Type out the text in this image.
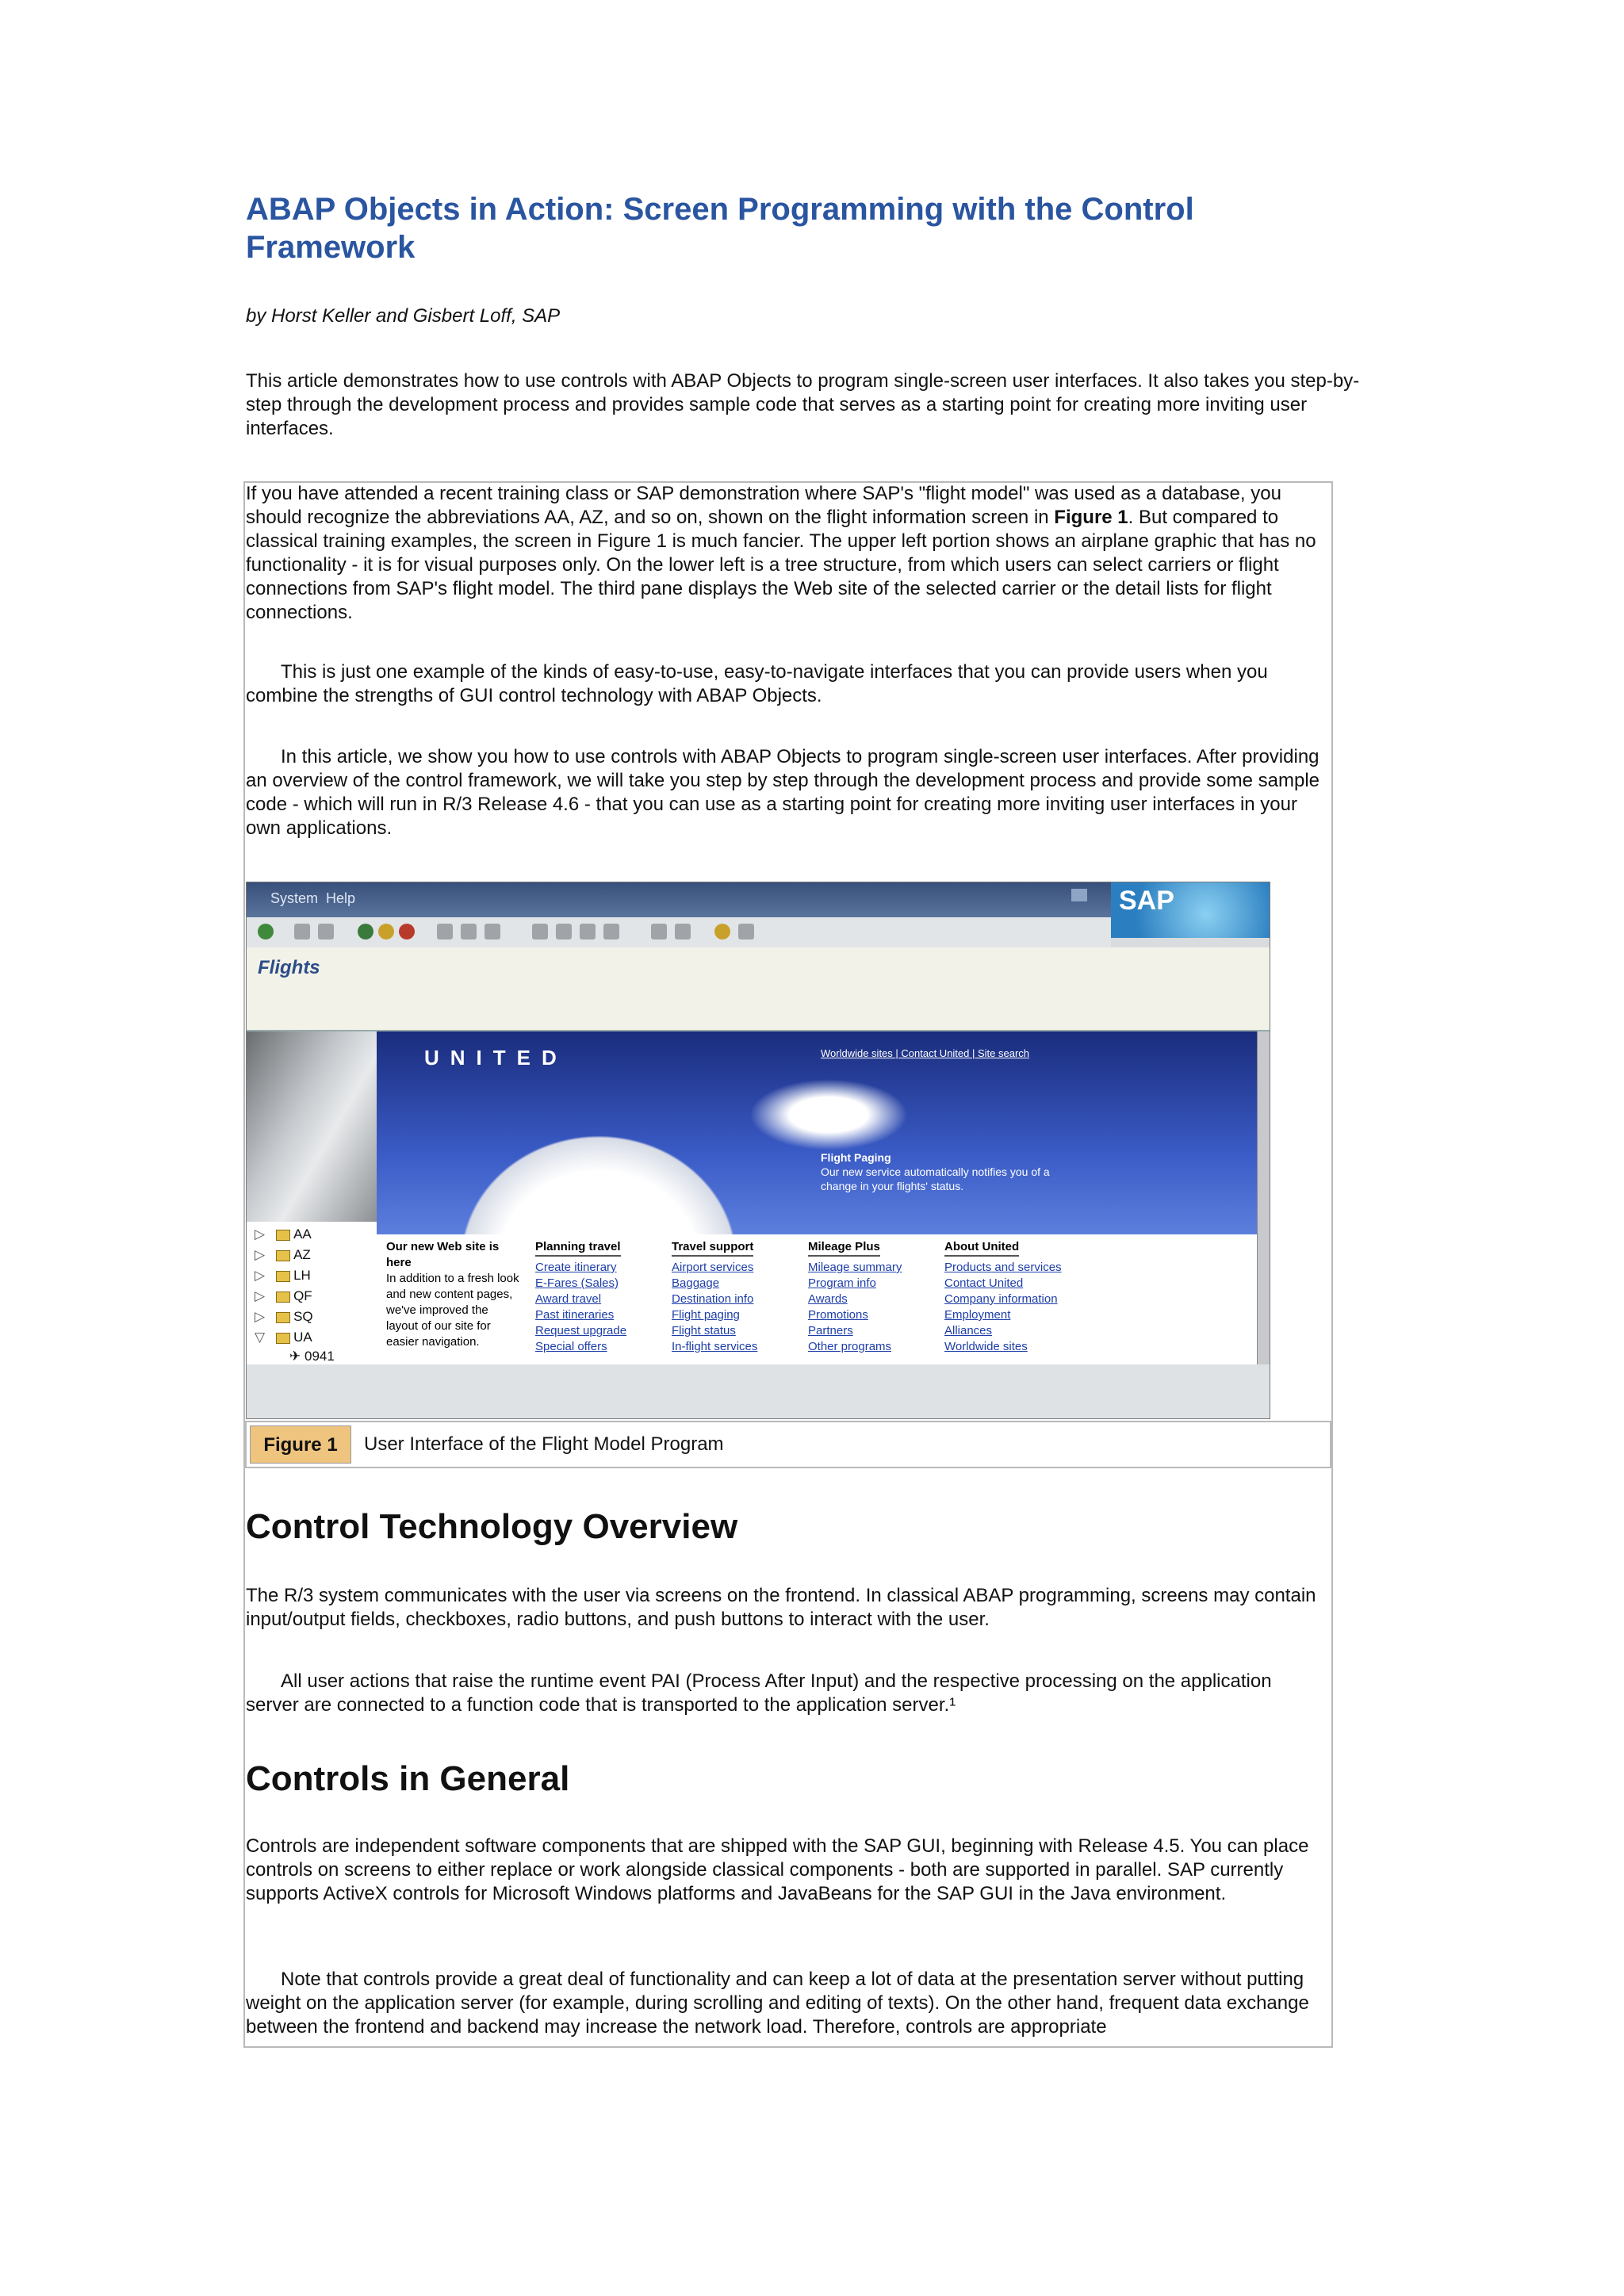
ABAP Objects in Action: Screen Programming with the Control Framework
by Horst Keller and Gisbert Loff, SAP
This article demonstrates how to use controls with ABAP Objects to program single-screen user interfaces. It also takes you step-by-step through the development process and provides sample code that serves as a starting point for creating more inviting user interfaces.
If you have attended a recent training class or SAP demonstration where SAP's "flight model" was used as a database, you should recognize the abbreviations AA, AZ, and so on, shown on the flight information screen in Figure 1. But compared to classical training examples, the screen in Figure 1 is much fancier. The upper left portion shows an airplane graphic that has no functionality - it is for visual purposes only. On the lower left is a tree structure, from which users can select carriers or flight connections from SAP's flight model. The third pane displays the Web site of the selected carrier or the detail lists for flight connections.
This is just one example of the kinds of easy-to-use, easy-to-navigate interfaces that you can provide users when you combine the strengths of GUI control technology with ABAP Objects.
In this article, we show you how to use controls with ABAP Objects to program single-screen user interfaces. After providing an overview of the control framework, we will take you step by step through the development process and provide some sample code - which will run in R/3 Release 4.6 - that you can use as a starting point for creating more inviting user interfaces in your own applications.
System Help	SAP
Flights
▷ AA
▷ AZ
▷ LH
▷ QF
▷ SQ
▽ UA
✈ 0941
UNITED	Worldwide sites | Contact United | Site search
Flight Paging
Our new service automatically notifies you of a change in your flights' status.
Our new Web site is here
In addition to a fresh look and new content pages, we've improved the layout of our site for easier navigation.
Planning travel
Create itinerary
E-Fares (Sales)
Award travel
Past itineraries
Request upgrade
Special offers
Travel support
Airport services
Baggage
Destination info
Flight paging
Flight status
In-flight services
Mileage Plus
Mileage summary
Program info
Awards
Promotions
Partners
Other programs
About United
Products and services
Contact United
Company information
Employment
Alliances
Worldwide sites
Figure 1	User Interface of the Flight Model Program
Control Technology Overview
The R/3 system communicates with the user via screens on the frontend. In classical ABAP programming, screens may contain input/output fields, checkboxes, radio buttons, and push buttons to interact with the user.
All user actions that raise the runtime event PAI (Process After Input) and the respective processing on the application server are connected to a function code that is transported to the application server.¹
Controls in General
Controls are independent software components that are shipped with the SAP GUI, beginning with Release 4.5. You can place controls on screens to either replace or work alongside classical components - both are supported in parallel. SAP currently supports ActiveX controls for Microsoft Windows platforms and JavaBeans for the SAP GUI in the Java environment.
Note that controls provide a great deal of functionality and can keep a lot of data at the presentation server without putting weight on the application server (for example, during scrolling and editing of texts). On the other hand, frequent data exchange between the frontend and backend may increase the network load. Therefore, controls are appropriate
